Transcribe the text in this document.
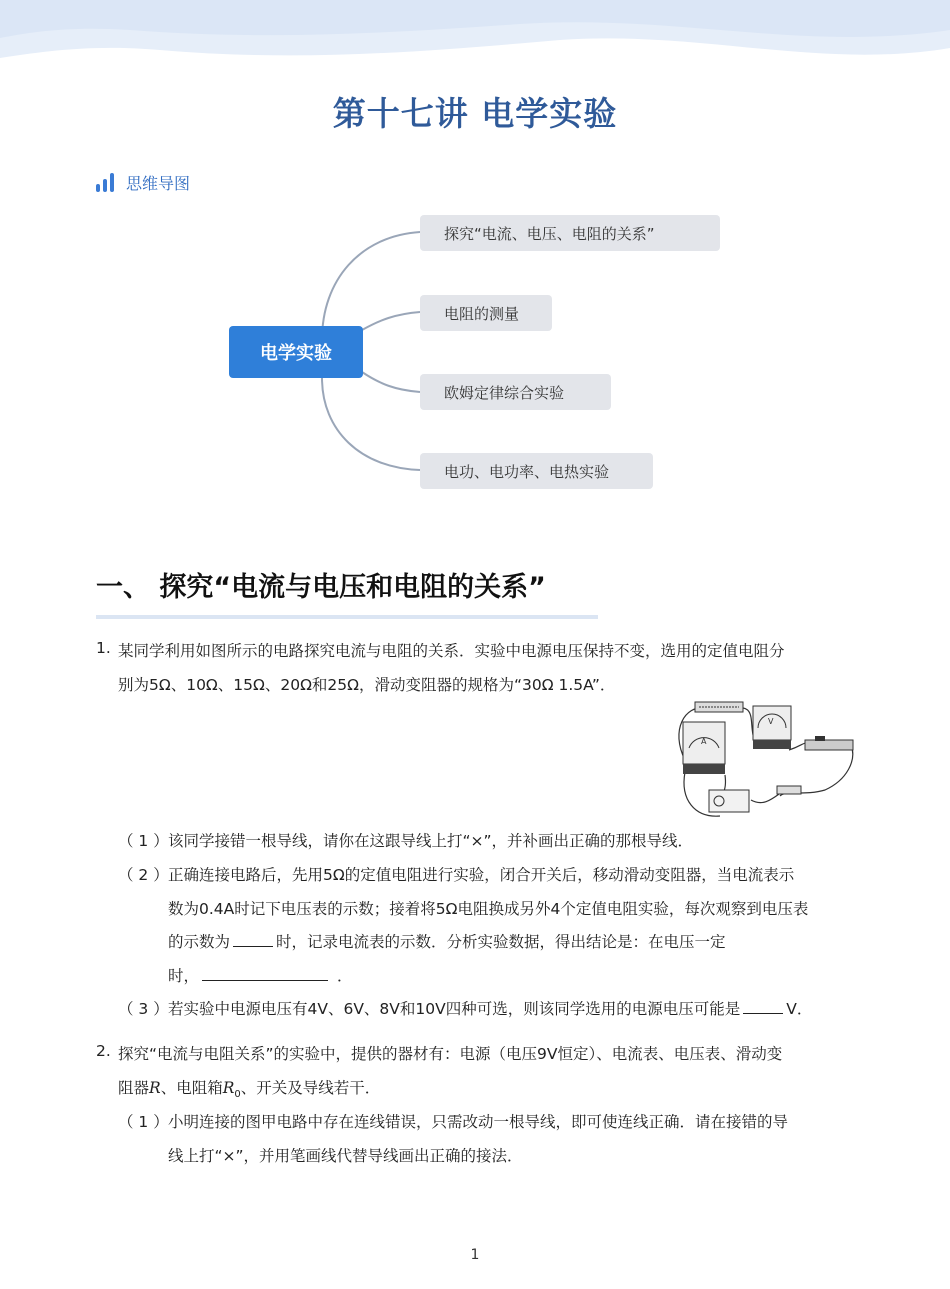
第十七讲 电学实验
思维导图
电学实验
探究“电流、电压、电阻的关系”
电阻的测量
欧姆定律综合实验
电功、电功率、电热实验
一、 探究“电流与电压和电阻的关系”
1. 某同学利用如图所示的电路探究电流与电阻的关系．实验中电源电压保持不变，选用的定值电阻分
别为5Ω、10Ω、15Ω、20Ω和25Ω，滑动变阻器的规格为“30Ω 1.5A”．
A
V
（ 1 ） 该同学接错一根导线，请你在这跟导线上打“×”，并补画出正确的那根导线．
（ 2 ） 正确连接电路后，先用5Ω的定值电阻进行实验，闭合开关后，移动滑动变阻器，当电流表示
数为0.4A时记下电压表的示数；接着将5Ω电阻换成另外4个定值电阻实验，每次观察到电压表
的示数为	时，记录电流表的示数．分析实验数据，得出结论是：在电压一定
时，	．
（ 3 ） 若实验中电源电压有4V、6V、8V和10V四种可选，则该同学选用的电源电压可能是	V．
2. 探究“电流与电阻关系”的实验中，提供的器材有：电源（电压9V恒定）、电流表、电压表、滑动变
阻器R、电阻箱$R_0$、开关及导线若干．
（ 1 ） 小明连接的图甲电路中存在连线错误，只需改动一根导线，即可使连线正确．请在接错的导
线上打“×”，并用笔画线代替导线画出正确的接法．
1
